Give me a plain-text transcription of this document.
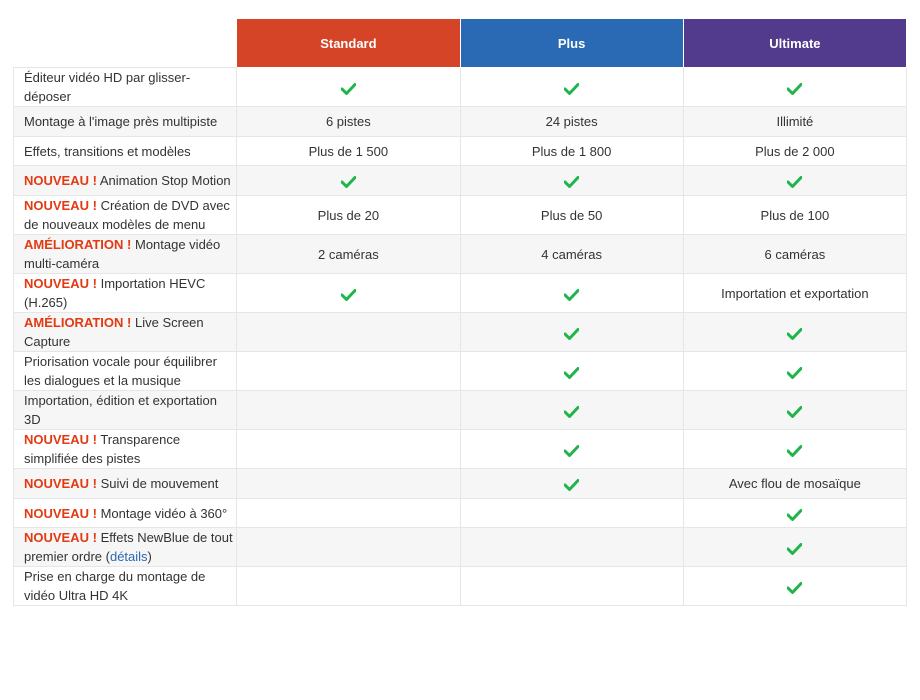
	Standard	Plus	Ultimate
Éditeur vidéo HD par glisser-déposer			
Montage à l'image près multipiste	6 pistes	24 pistes	Illimité
Effets, transitions et modèles	Plus de 1 500	Plus de 1 800	Plus de 2 000
NOUVEAU ! Animation Stop Motion			
NOUVEAU ! Création de DVD avec de nouveaux modèles de menu	Plus de 20	Plus de 50	Plus de 100
AMÉLIORATION ! Montage vidéo multi-caméra	2 caméras	4 caméras	6 caméras
NOUVEAU ! Importation HEVC (H.265)			Importation et exportation
AMÉLIORATION ! Live Screen Capture			
Priorisation vocale pour équilibrer les dialogues et la musique			
Importation, édition et exportation 3D			
NOUVEAU ! Transparence simplifiée des pistes			
NOUVEAU ! Suivi de mouvement			Avec flou de mosaïque
NOUVEAU ! Montage vidéo à 360°			
NOUVEAU ! Effets NewBlue de tout premier ordre (détails)			
Prise en charge du montage de vidéo Ultra HD 4K			
